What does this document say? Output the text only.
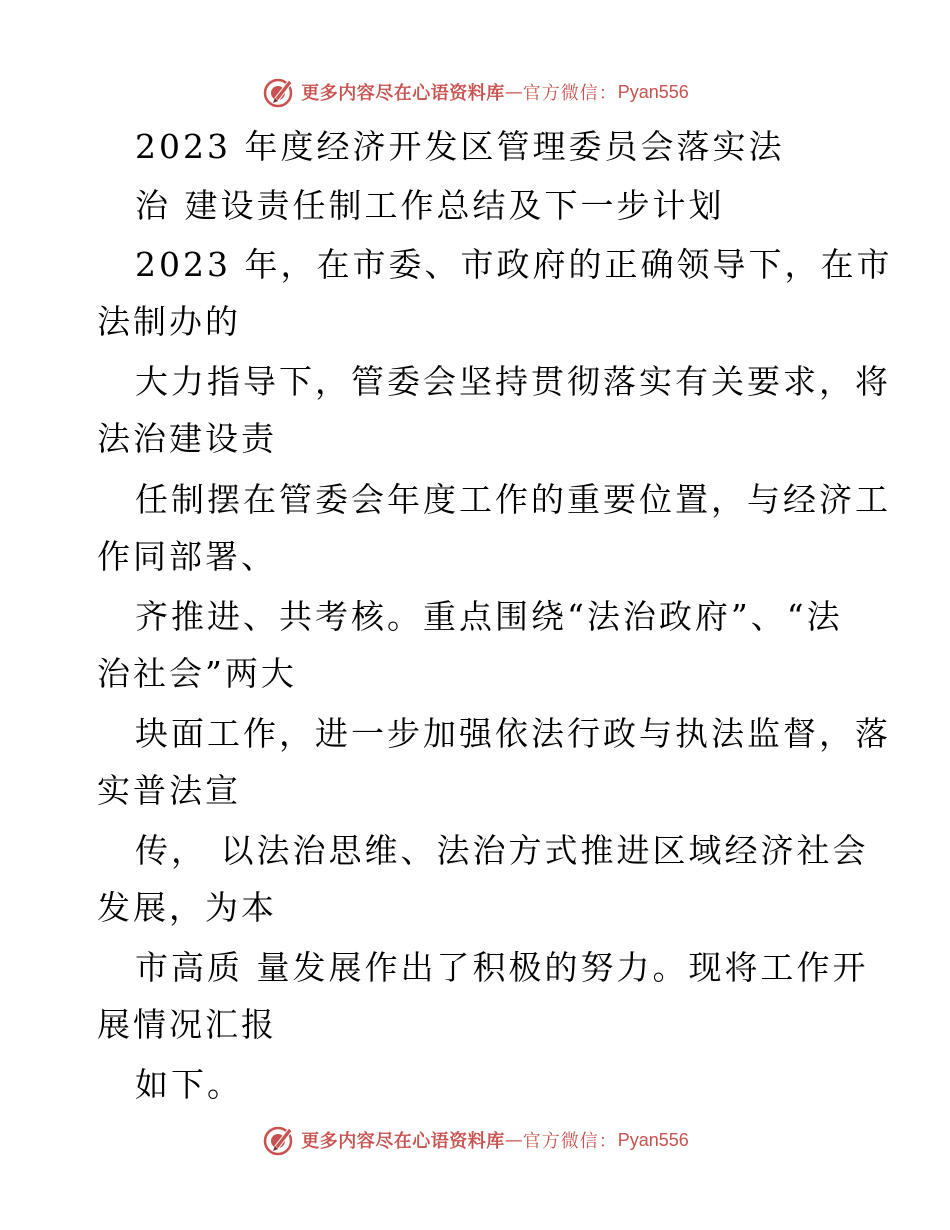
更多内容尽在心语资料库 — 官方微信： Pyan556
2023 年度经济开发区管理委员会落实法
治 建设责任制工作总结及下一步计划
2023 年，在市委、市政府的正确领导下，在市
法制办的
大力指导下，管委会坚持贯彻落实有关要求，将
法治建设责
任制摆在管委会年度工作的重要位置，与经济工
作同部署、
齐推进、共考核。重点围绕“法治政府”、“法
治社会”两大
块面工作，进一步加强依法行政与执法监督，落
实普法宣
传， 以法治思维、法治方式推进区域经济社会
发展，为本
市高质 量发展作出了积极的努力。现将工作开
展情况汇报
如下。
更多内容尽在心语资料库 — 官方微信： Pyan556
